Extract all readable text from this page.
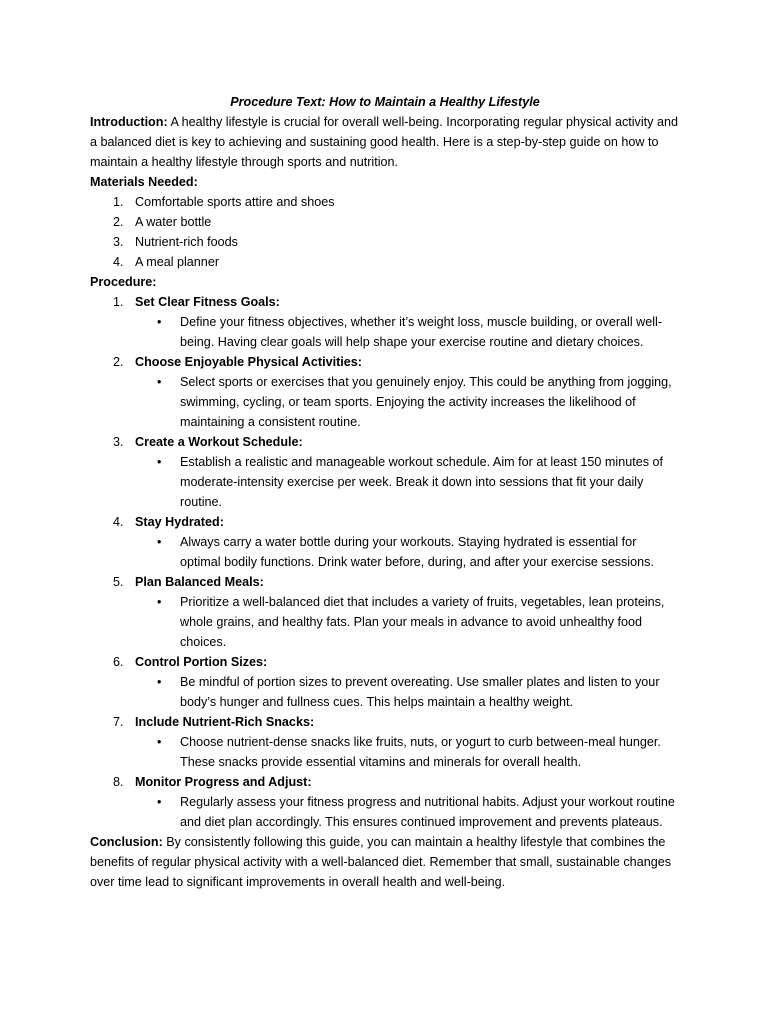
Procedure Text: How to Maintain a Healthy Lifestyle

Introduction: A healthy lifestyle is crucial for overall well-being. Incorporating regular physical activity and a balanced diet is key to achieving and sustaining good health. Here is a step-by-step guide on how to maintain a healthy lifestyle through sports and nutrition.

Materials Needed:

1. Comfortable sports attire and shoes
2. A water bottle
3. Nutrient-rich foods
4. A meal planner

Procedure:

1. Set Clear Fitness Goals:
• Define your fitness objectives, whether it’s weight loss, muscle building, or overall well-being. Having clear goals will help shape your exercise routine and dietary choices.
2. Choose Enjoyable Physical Activities:
• Select sports or exercises that you genuinely enjoy. This could be anything from jogging, swimming, cycling, or team sports. Enjoying the activity increases the likelihood of maintaining a consistent routine.
3. Create a Workout Schedule:
• Establish a realistic and manageable workout schedule. Aim for at least 150 minutes of moderate-intensity exercise per week. Break it down into sessions that fit your daily routine.
4. Stay Hydrated:
• Always carry a water bottle during your workouts. Staying hydrated is essential for optimal bodily functions. Drink water before, during, and after your exercise sessions.
5. Plan Balanced Meals:
• Prioritize a well-balanced diet that includes a variety of fruits, vegetables, lean proteins, whole grains, and healthy fats. Plan your meals in advance to avoid unhealthy food choices.
6. Control Portion Sizes:
• Be mindful of portion sizes to prevent overeating. Use smaller plates and listen to your body’s hunger and fullness cues. This helps maintain a healthy weight.
7. Include Nutrient-Rich Snacks:
• Choose nutrient-dense snacks like fruits, nuts, or yogurt to curb between-meal hunger. These snacks provide essential vitamins and minerals for overall health.
8. Monitor Progress and Adjust:
• Regularly assess your fitness progress and nutritional habits. Adjust your workout routine and diet plan accordingly. This ensures continued improvement and prevents plateaus.

Conclusion: By consistently following this guide, you can maintain a healthy lifestyle that combines the benefits of regular physical activity with a well-balanced diet. Remember that small, sustainable changes over time lead to significant improvements in overall health and well-being.
